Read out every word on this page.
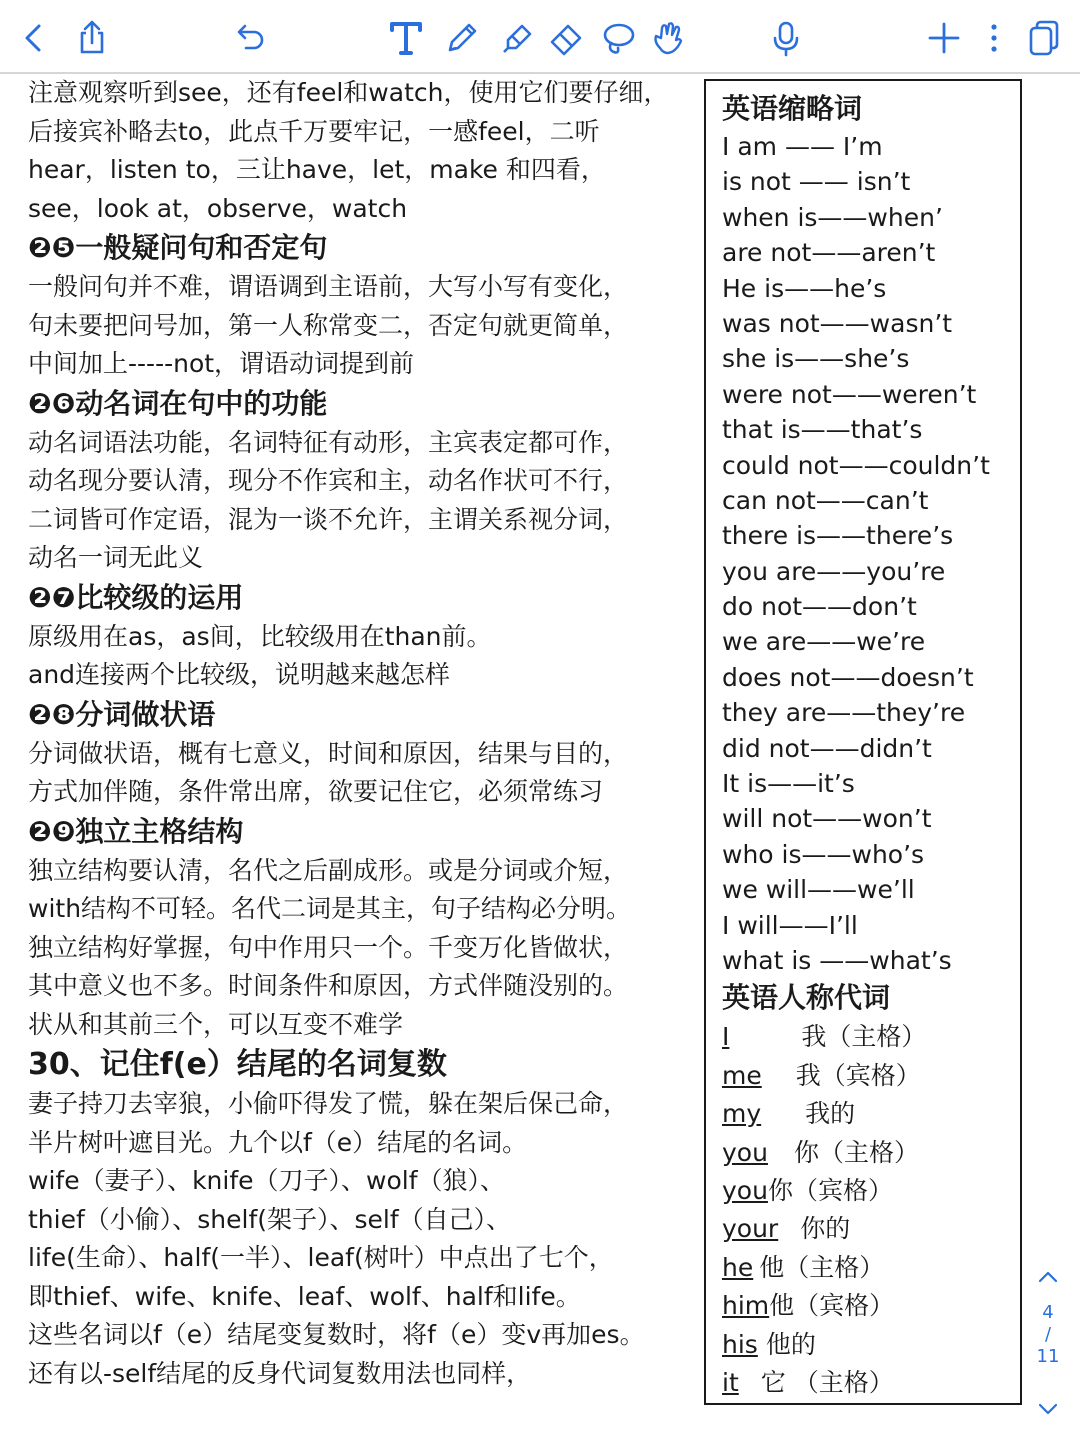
注意观察听到see，还有feel和watch，使用它们要仔细，
后接宾补略去to，此点千万要牢记，一感feel，二听
hear，listen to，三让have，let，make 和四看，
see，look at，observe，watch
❷❺一般疑问句和否定句
一般问句并不难，谓语调到主语前，大写小写有变化，
句未要把问号加，第一人称常变二，否定句就更简单，
中间加上-----not，谓语动词提到前
❷❻动名词在句中的功能
动名词语法功能，名词特征有动形，主宾表定都可作，
动名现分要认清，现分不作宾和主，动名作状可不行，
二词皆可作定语，混为一谈不允许，主谓关系视分词，
动名一词无此义
❷❼比较级的运用
原级用在as，as间，比较级用在than前。
and连接两个比较级，说明越来越怎样
❷❽分词做状语
分词做状语，概有七意义，时间和原因，结果与目的，
方式加伴随，条件常出席，欲要记住它，必须常练习
❷❾独立主格结构
独立结构要认清，名代之后副成形。或是分词或介短，
with结构不可轻。名代二词是其主，句子结构必分明。
独立结构好掌握，句中作用只一个。千变万化皆做状，
其中意义也不多。时间条件和原因，方式伴随没别的。
状从和其前三个，可以互变不难学
30、记住f(e）结尾的名词复数
妻子持刀去宰狼，小偷吓得发了慌，躲在架后保己命，
半片树叶遮目光。九个以f（e）结尾的名词。
wife（妻子）、knife（刀子）、wolf（狼）、
thief（小偷）、shelf(架子）、self（自己）、
life(生命）、half(一半）、leaf(树叶）中点出了七个，
即thief、wife、knife、leaf、wolf、half和life。
这些名词以f（e）结尾变复数时，将f（e）变v再加es。
还有以-self结尾的反身代词复数用法也同样，
英语缩略词
I am —— I’m
is not —— isn’t
when is——when’
are not——aren’t
He is——he’s
was not——wasn’t
she is——she’s
were not——weren’t
that is——that’s
could not——couldn’t
can not——can’t
there is——there’s
you are——you’re
do not——don’t
we are——we’re
does not——doesn’t
they are——they’re
did not——didn’t
It is——it’s
will not——won’t
who is——who’s
we will——we’ll
I will——I’ll
what is ——what’s
英语人称代词
I	我（主格）
me 我（宾格）
my 我的
you 你（主格）
you 你（宾格）
your 你的
he 他（主格）
him 他（宾格）
his 他的
it 它 （主格）
4
/
11
